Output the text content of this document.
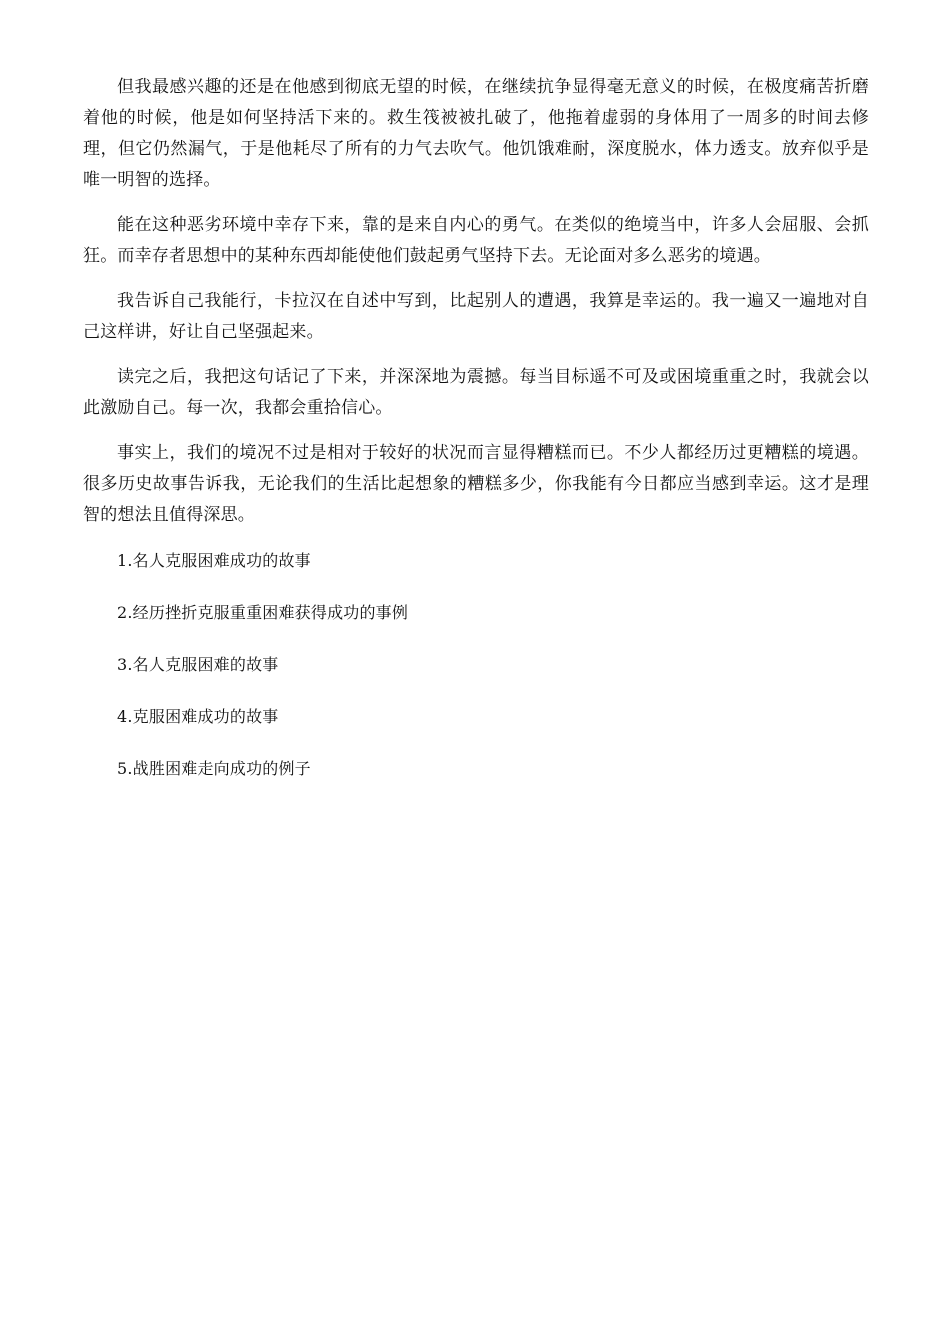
但我最感兴趣的还是在他感到彻底无望的时候，在继续抗争显得毫无意义的时候，在极度痛苦折磨着他的时候，他是如何坚持活下来的。救生筏被被扎破了，他拖着虚弱的身体用了一周多的时间去修理，但它仍然漏气，于是他耗尽了所有的力气去吹气。他饥饿难耐，深度脱水，体力透支。放弃似乎是唯一明智的选择。

能在这种恶劣环境中幸存下来，靠的是来自内心的勇气。在类似的绝境当中，许多人会屈服、会抓狂。而幸存者思想中的某种东西却能使他们鼓起勇气坚持下去。无论面对多么恶劣的境遇。

我告诉自己我能行，卡拉汉在自述中写到，比起别人的遭遇，我算是幸运的。我一遍又一遍地对自己这样讲，好让自己坚强起来。

读完之后，我把这句话记了下来，并深深地为震撼。每当目标遥不可及或困境重重之时，我就会以此激励自己。每一次，我都会重拾信心。

事实上，我们的境况不过是相对于较好的状况而言显得糟糕而已。不少人都经历过更糟糕的境遇。很多历史故事告诉我，无论我们的生活比起想象的糟糕多少，你我能有今日都应当感到幸运。这才是理智的想法且值得深思。

1.名人克服困难成功的故事
2.经历挫折克服重重困难获得成功的事例
3.名人克服困难的故事
4.克服困难成功的故事
5.战胜困难走向成功的例子
